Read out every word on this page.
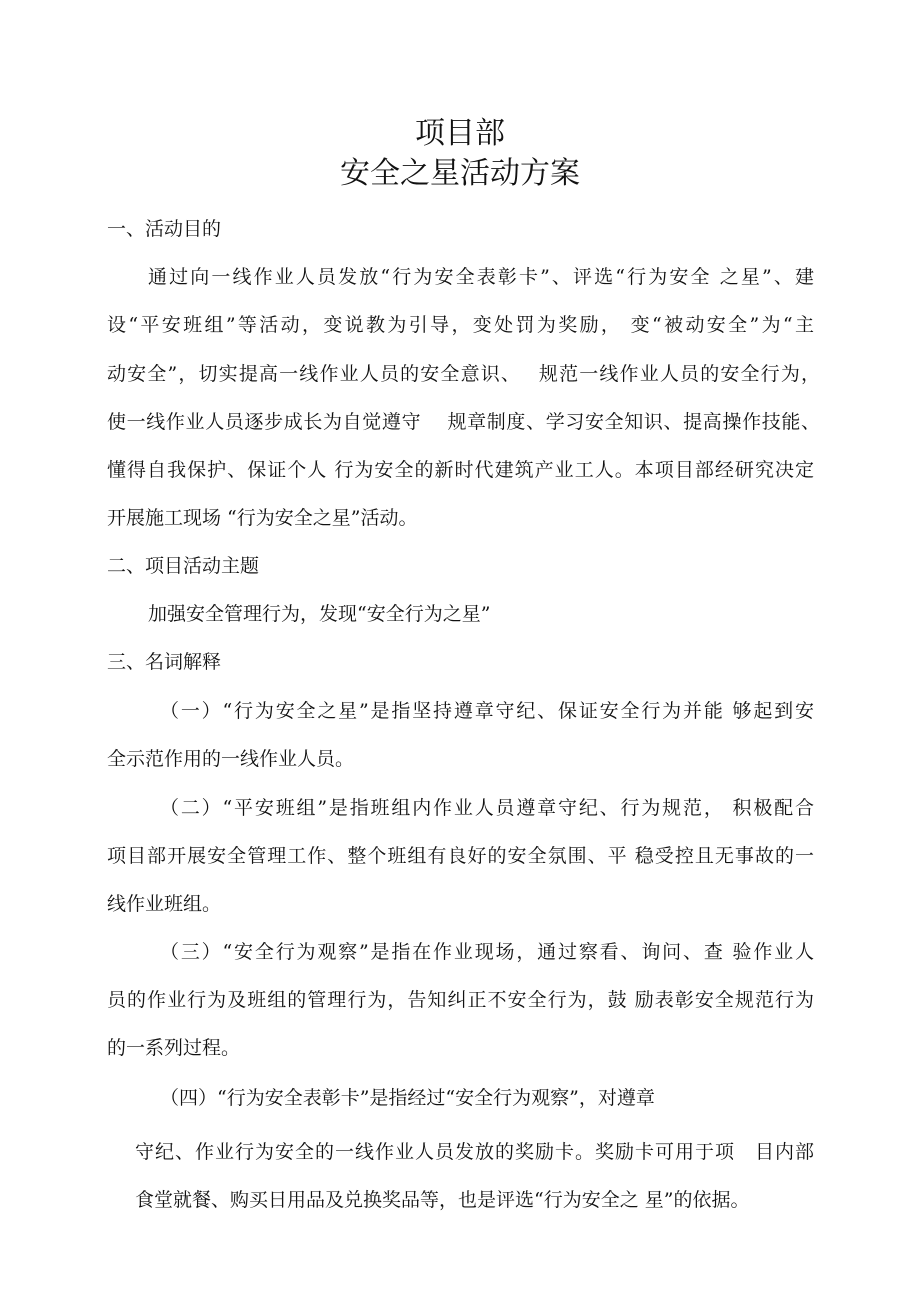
项目部
安全之星活动方案
一、活动目的
通过向一线作业人员发放“行为安全表彰卡”、评选“行为安全 之星”、建
设“平安班组”等活动，变说教为引导，变处罚为奖励， 变“被动安全”为“主
动安全”，切实提高一线作业人员的安全意识、　 规范一线作业人员的安全行为，
使一线作业人员逐步成长为自觉遵守　 规章制度、学习安全知识、提高操作技能、
懂得自我保护、保证个人 行为安全的新时代建筑产业工人。本项目部经研究决定
开展施工现场 “行为安全之星”活动。
二、项目活动主题
加强安全管理行为，发现“安全行为之星”
三、名词解释
（一）“行为安全之星”是指坚持遵章守纪、保证安全行为并能 够起到安
全示范作用的一线作业人员。
（二）“平安班组”是指班组内作业人员遵章守纪、行为规范， 积极配合
项目部开展安全管理工作、整个班组有良好的安全氛围、平 稳受控且无事故的一
线作业班组。
（三）“安全行为观察”是指在作业现场，通过察看、询问、查 验作业人
员的作业行为及班组的管理行为，告知纠正不安全行为，鼓 励表彰安全规范行为
的一系列过程。
（四）“行为安全表彰卡”是指经过“安全行为观察”，对遵章
守纪、作业行为安全的一线作业人员发放的奖励卡。奖励卡可用于项　目内部
食堂就餐、购买日用品及兑换奖品等，也是评选“行为安全之 星”的依据。
